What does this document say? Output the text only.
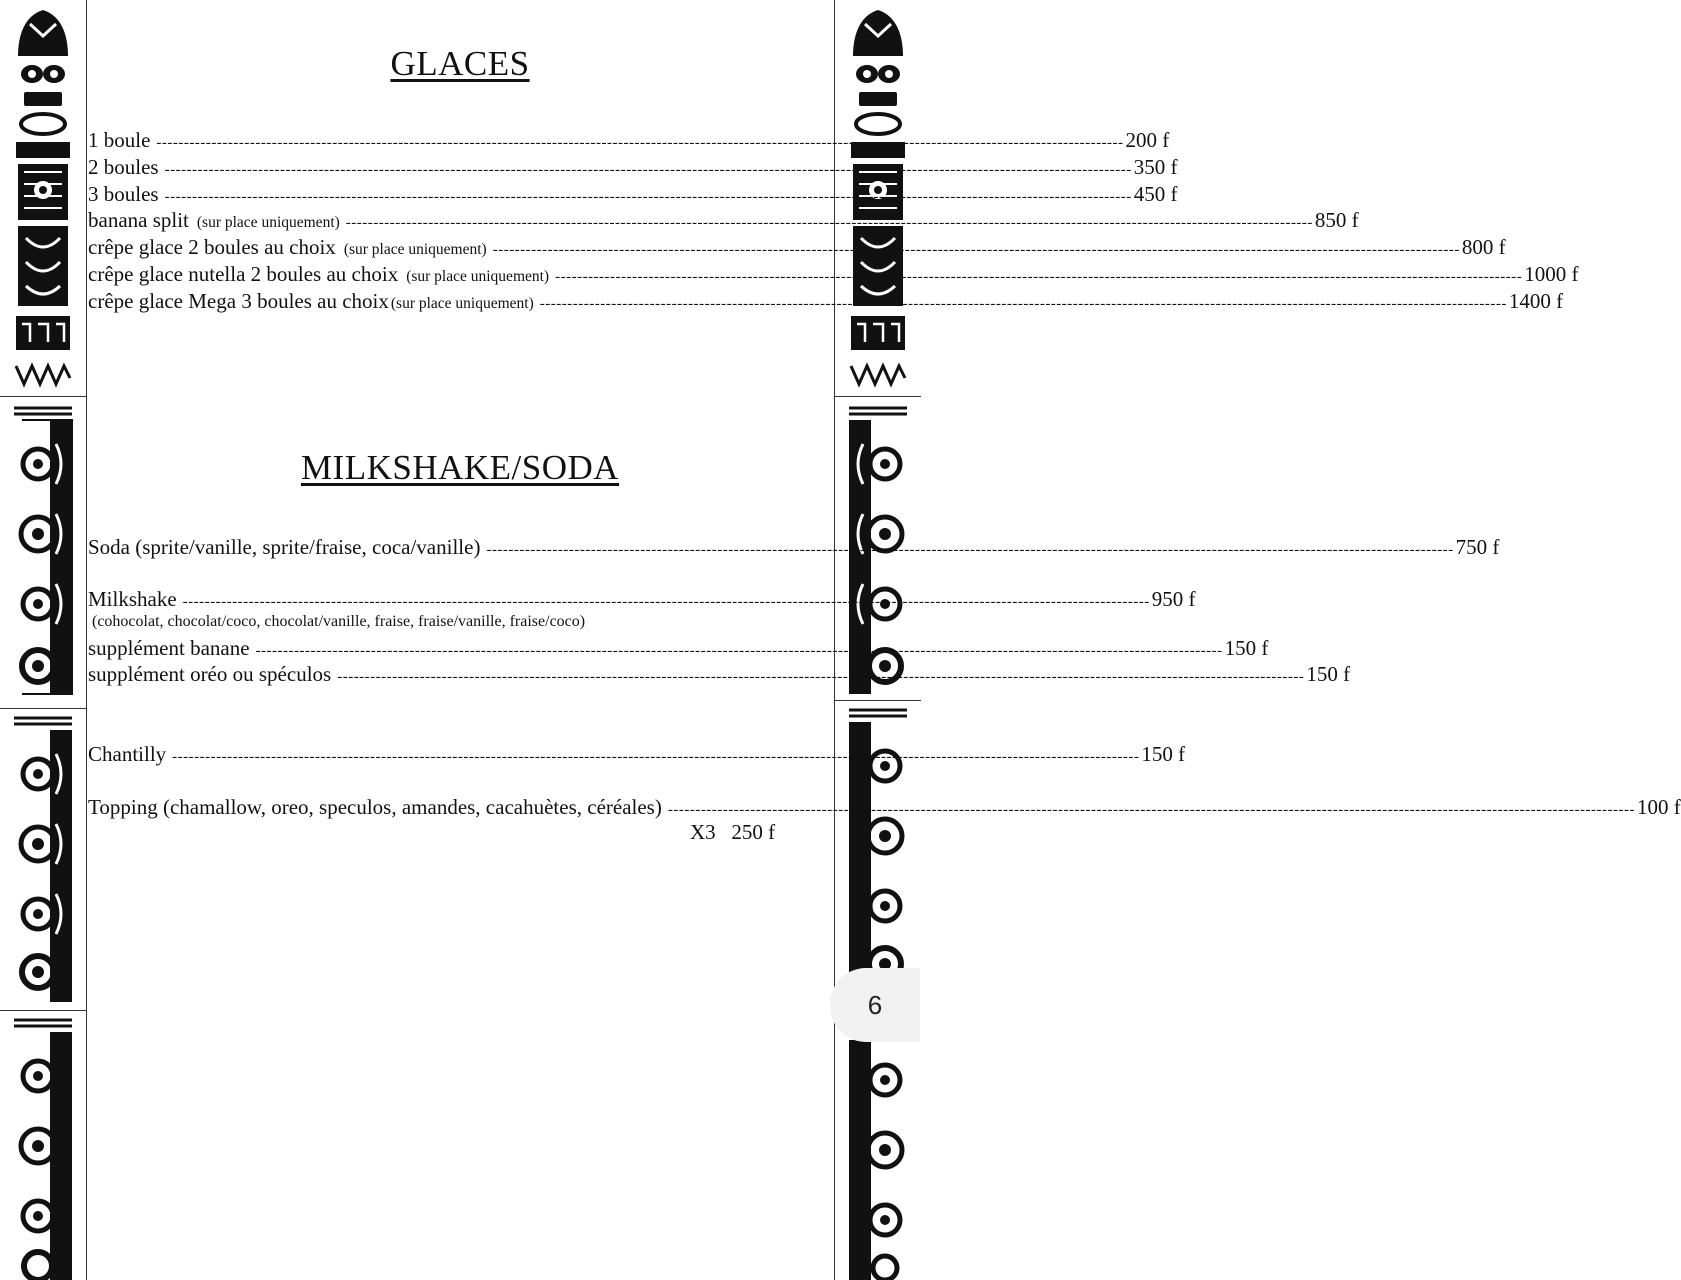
GLACES
1 boule -------------------------------------------------------------------------------------------------------------------------------------------------------------------------------- 200 f
2 boules -------------------------------------------------------------------------------------------------------------------------------------------------------------------------------- 350 f
3 boules -------------------------------------------------------------------------------------------------------------------------------------------------------------------------------- 450 f
banana split (sur place uniquement) -------------------------------------------------------------------------------------------------------------------------------------------------------------------------------- 850 f
crêpe glace 2 boules au choix (sur place uniquement) -------------------------------------------------------------------------------------------------------------------------------------------------------------------------------- 800 f
crêpe glace nutella 2 boules au choix (sur place uniquement) -------------------------------------------------------------------------------------------------------------------------------------------------------------------------------- 1000 f
crêpe glace Mega 3 boules au choix (sur place uniquement) -------------------------------------------------------------------------------------------------------------------------------------------------------------------------------- 1400 f
MILKSHAKE/SODA
Soda (sprite/vanille, sprite/fraise, coca/vanille) -------------------------------------------------------------------------------------------------------------------------------------------------------------------------------- 750 f
Milkshake -------------------------------------------------------------------------------------------------------------------------------------------------------------------------------- 950 f
(cohocolat, chocolat/coco, chocolat/vanille, fraise, fraise/vanille, fraise/coco)
supplément banane -------------------------------------------------------------------------------------------------------------------------------------------------------------------------------- 150 f
supplément oréo ou spéculos -------------------------------------------------------------------------------------------------------------------------------------------------------------------------------- 150 f
Chantilly -------------------------------------------------------------------------------------------------------------------------------------------------------------------------------- 150 f
Topping (chamallow, oreo, speculos, amandes, cacahuètes, céréales) -------------------------------------------------------------------------------------------------------------------------------------------------------------------------------- 100 f
X3   250 f
6
